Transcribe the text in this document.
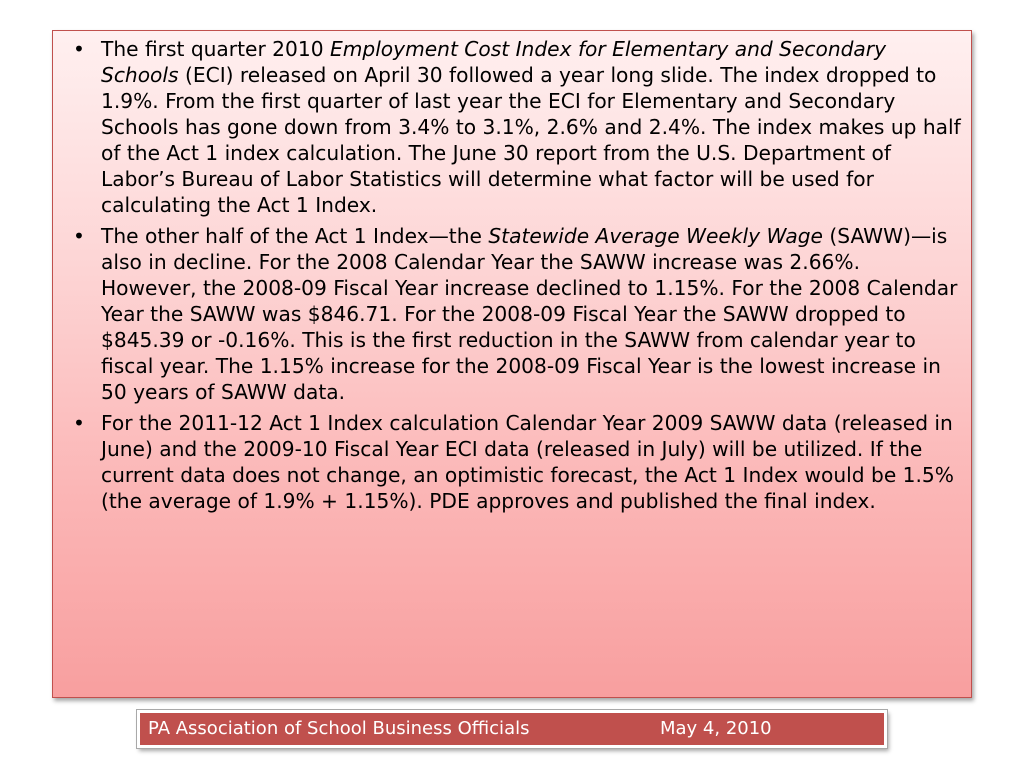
• The first quarter 2010 Employment Cost Index for Elementary and Secondary Schools (ECI) released on April 30 followed a year long slide. The index dropped to 1.9%. From the first quarter of last year the ECI for Elementary and Secondary Schools has gone down from 3.4% to 3.1%, 2.6% and 2.4%. The index makes up half of the Act 1 index calculation. The June 30 report from the U.S. Department of Labor’s Bureau of Labor Statistics will determine what factor will be used for calculating the Act 1 Index.
• The other half of the Act 1 Index—the Statewide Average Weekly Wage (SAWW)—is also in decline. For the 2008 Calendar Year the SAWW increase was 2.66%. However, the 2008-09 Fiscal Year increase declined to 1.15%. For the 2008 Calendar Year the SAWW was $846.71. For the 2008-09 Fiscal Year the SAWW dropped to $845.39 or -0.16%. This is the first reduction in the SAWW from calendar year to fiscal year. The 1.15% increase for the 2008-09 Fiscal Year is the lowest increase in 50 years of SAWW data.
• For the 2011-12 Act 1 Index calculation Calendar Year 2009 SAWW data (released in June) and the 2009-10 Fiscal Year ECI data (released in July) will be utilized. If the current data does not change, an optimistic forecast, the Act 1 Index would be 1.5% (the average of 1.9% + 1.15%). PDE approves and published the final index.
PA Association of School Business Officials	May 4, 2010
